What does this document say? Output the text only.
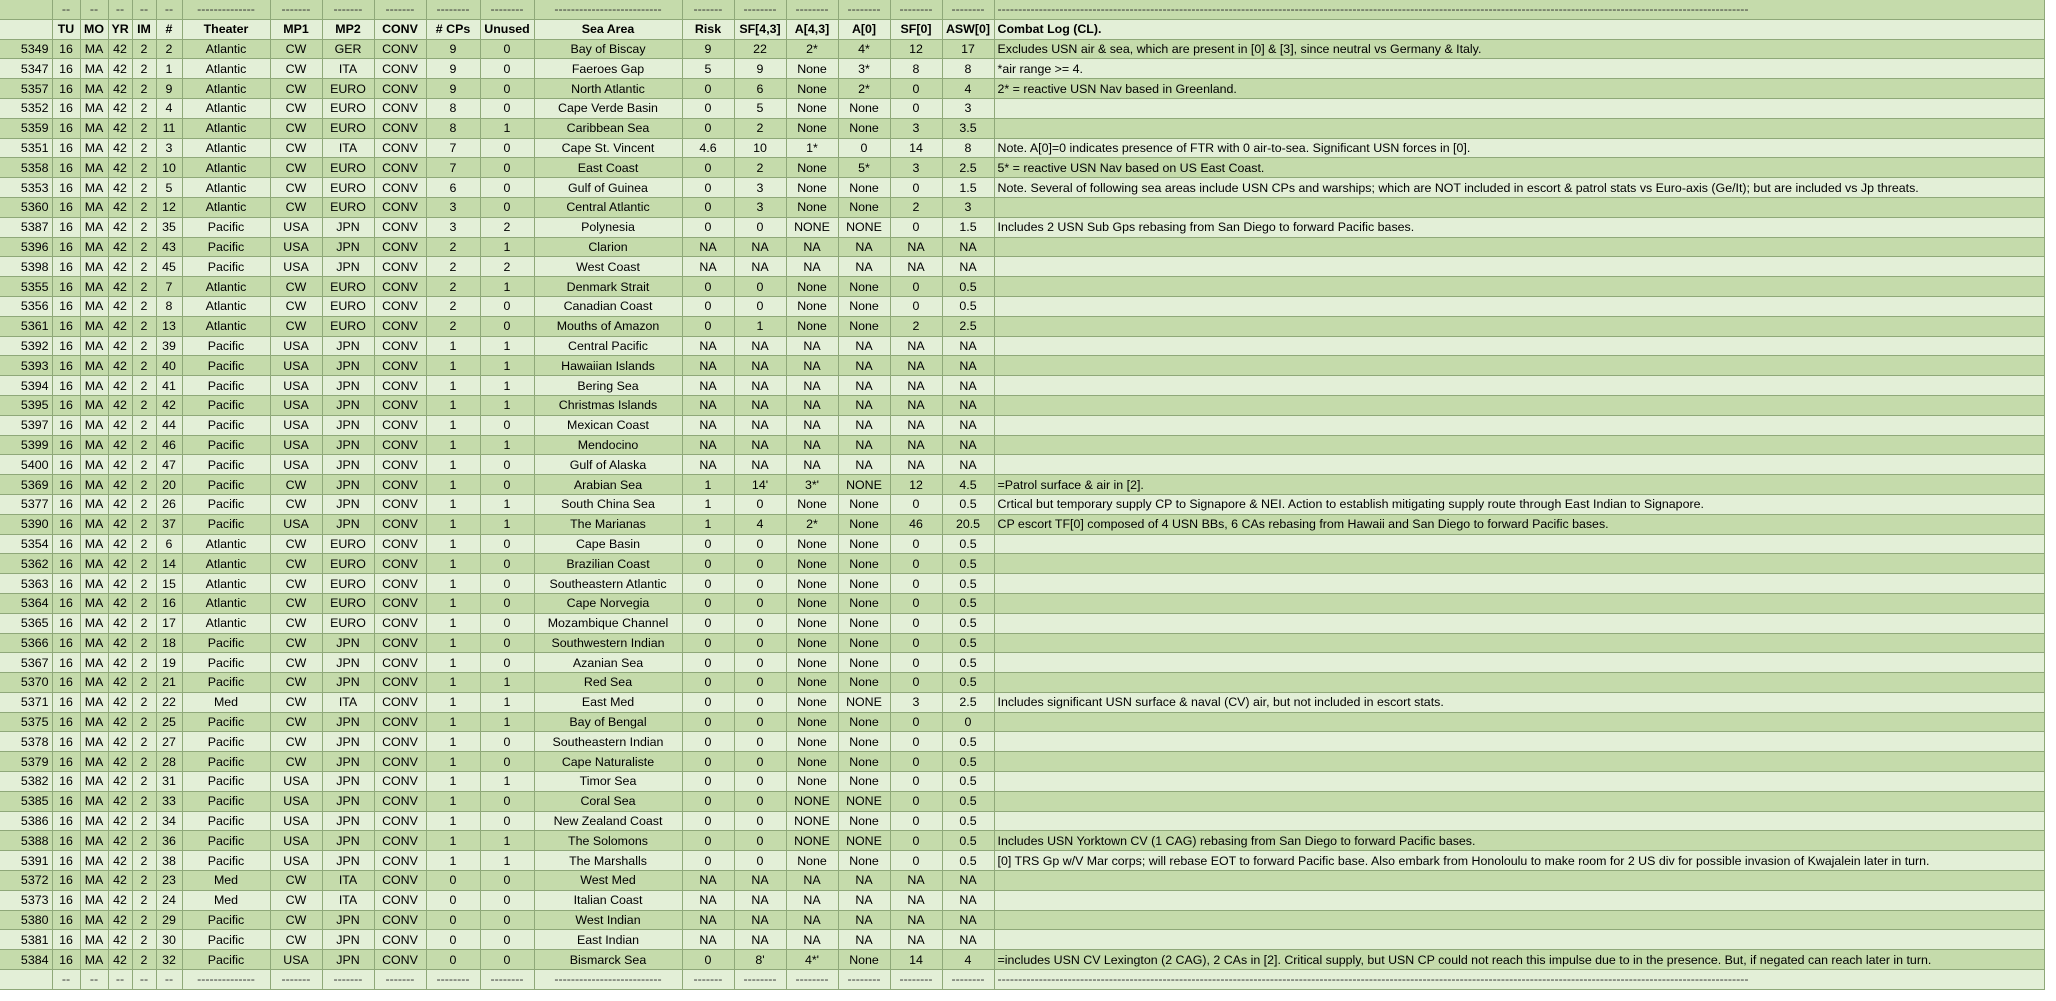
	--	--	--	--	--	--------------	-------	-------	-------	--------	--------	--------------------------	-------	--------	--------	--------	--------	--------	--------------------------------------------------------------------------------------------------------------------------------------------------------------------------------------
	TU	MO	YR	IM	#	Theater	MP1	MP2	CONV	# CPs	Unused	Sea Area	Risk	SF[4,3]	A[4,3]	A[0]	SF[0]	ASW[0]	Combat Log (CL).
5349	16	MA	42	2	2	Atlantic	CW	GER	CONV	9	0	Bay of Biscay	9	22	2*	4*	12	17	Excludes USN air & sea, which are present in [0] & [3], since neutral vs Germany & Italy.
5347	16	MA	42	2	1	Atlantic	CW	ITA	CONV	9	0	Faeroes Gap	5	9	None	3*	8	8	*air range >= 4.
5357	16	MA	42	2	9	Atlantic	CW	EURO	CONV	9	0	North Atlantic	0	6	None	2*	0	4	2* = reactive USN Nav based in Greenland.
5352	16	MA	42	2	4	Atlantic	CW	EURO	CONV	8	0	Cape Verde Basin	0	5	None	None	0	3	
5359	16	MA	42	2	11	Atlantic	CW	EURO	CONV	8	1	Caribbean Sea	0	2	None	None	3	3.5	
5351	16	MA	42	2	3	Atlantic	CW	ITA	CONV	7	0	Cape St. Vincent	4.6	10	1*	0	14	8	Note. A[0]=0 indicates presence of FTR with 0 air-to-sea. Significant USN forces in [0].
5358	16	MA	42	2	10	Atlantic	CW	EURO	CONV	7	0	East Coast	0	2	None	5*	3	2.5	5* = reactive USN Nav based on US East Coast.
5353	16	MA	42	2	5	Atlantic	CW	EURO	CONV	6	0	Gulf of Guinea	0	3	None	None	0	1.5	Note. Several of following sea areas include USN CPs and warships; which are NOT included in escort & patrol stats vs Euro-axis (Ge/It); but are included vs Jp threats.
5360	16	MA	42	2	12	Atlantic	CW	EURO	CONV	3	0	Central Atlantic	0	3	None	None	2	3	
5387	16	MA	42	2	35	Pacific	USA	JPN	CONV	3	2	Polynesia	0	0	NONE	NONE	0	1.5	Includes 2 USN Sub Gps rebasing from San Diego to forward Pacific bases.
5396	16	MA	42	2	43	Pacific	USA	JPN	CONV	2	1	Clarion	NA	NA	NA	NA	NA	NA	
5398	16	MA	42	2	45	Pacific	USA	JPN	CONV	2	2	West Coast	NA	NA	NA	NA	NA	NA	
5355	16	MA	42	2	7	Atlantic	CW	EURO	CONV	2	1	Denmark Strait	0	0	None	None	0	0.5	
5356	16	MA	42	2	8	Atlantic	CW	EURO	CONV	2	0	Canadian Coast	0	0	None	None	0	0.5	
5361	16	MA	42	2	13	Atlantic	CW	EURO	CONV	2	0	Mouths of Amazon	0	1	None	None	2	2.5	
5392	16	MA	42	2	39	Pacific	USA	JPN	CONV	1	1	Central Pacific	NA	NA	NA	NA	NA	NA	
5393	16	MA	42	2	40	Pacific	USA	JPN	CONV	1	1	Hawaiian Islands	NA	NA	NA	NA	NA	NA	
5394	16	MA	42	2	41	Pacific	USA	JPN	CONV	1	1	Bering Sea	NA	NA	NA	NA	NA	NA	
5395	16	MA	42	2	42	Pacific	USA	JPN	CONV	1	1	Christmas Islands	NA	NA	NA	NA	NA	NA	
5397	16	MA	42	2	44	Pacific	USA	JPN	CONV	1	0	Mexican Coast	NA	NA	NA	NA	NA	NA	
5399	16	MA	42	2	46	Pacific	USA	JPN	CONV	1	1	Mendocino	NA	NA	NA	NA	NA	NA	
5400	16	MA	42	2	47	Pacific	USA	JPN	CONV	1	0	Gulf of Alaska	NA	NA	NA	NA	NA	NA	
5369	16	MA	42	2	20	Pacific	CW	JPN	CONV	1	0	Arabian Sea	1	14'	3*'	NONE	12	4.5	=Patrol surface & air in [2].
5377	16	MA	42	2	26	Pacific	CW	JPN	CONV	1	1	South China Sea	1	0	None	None	0	0.5	Crtical but temporary supply CP to Signapore & NEI. Action to establish mitigating supply route through East Indian to Signapore.
5390	16	MA	42	2	37	Pacific	USA	JPN	CONV	1	1	The Marianas	1	4	2*	None	46	20.5	CP escort TF[0] composed of 4 USN BBs, 6 CAs rebasing from Hawaii and San Diego to forward Pacific bases.
5354	16	MA	42	2	6	Atlantic	CW	EURO	CONV	1	0	Cape Basin	0	0	None	None	0	0.5	
5362	16	MA	42	2	14	Atlantic	CW	EURO	CONV	1	0	Brazilian Coast	0	0	None	None	0	0.5	
5363	16	MA	42	2	15	Atlantic	CW	EURO	CONV	1	0	Southeastern Atlantic	0	0	None	None	0	0.5	
5364	16	MA	42	2	16	Atlantic	CW	EURO	CONV	1	0	Cape Norvegia	0	0	None	None	0	0.5	
5365	16	MA	42	2	17	Atlantic	CW	EURO	CONV	1	0	Mozambique Channel	0	0	None	None	0	0.5	
5366	16	MA	42	2	18	Pacific	CW	JPN	CONV	1	0	Southwestern Indian	0	0	None	None	0	0.5	
5367	16	MA	42	2	19	Pacific	CW	JPN	CONV	1	0	Azanian Sea	0	0	None	None	0	0.5	
5370	16	MA	42	2	21	Pacific	CW	JPN	CONV	1	1	Red Sea	0	0	None	None	0	0.5	
5371	16	MA	42	2	22	Med	CW	ITA	CONV	1	1	East Med	0	0	None	NONE	3	2.5	Includes significant USN surface & naval (CV) air, but not included in escort stats.
5375	16	MA	42	2	25	Pacific	CW	JPN	CONV	1	1	Bay of Bengal	0	0	None	None	0	0	
5378	16	MA	42	2	27	Pacific	CW	JPN	CONV	1	0	Southeastern Indian	0	0	None	None	0	0.5	
5379	16	MA	42	2	28	Pacific	CW	JPN	CONV	1	0	Cape Naturaliste	0	0	None	None	0	0.5	
5382	16	MA	42	2	31	Pacific	USA	JPN	CONV	1	1	Timor Sea	0	0	None	None	0	0.5	
5385	16	MA	42	2	33	Pacific	USA	JPN	CONV	1	0	Coral Sea	0	0	NONE	NONE	0	0.5	
5386	16	MA	42	2	34	Pacific	USA	JPN	CONV	1	0	New Zealand Coast	0	0	NONE	None	0	0.5	
5388	16	MA	42	2	36	Pacific	USA	JPN	CONV	1	1	The Solomons	0	0	NONE	NONE	0	0.5	Includes USN Yorktown CV (1 CAG) rebasing from San Diego to forward Pacific bases.
5391	16	MA	42	2	38	Pacific	USA	JPN	CONV	1	1	The Marshalls	0	0	None	None	0	0.5	[0] TRS Gp w/V Mar corps; will rebase EOT to forward Pacific base. Also embark from Honoloulu to make room for 2 US div for possible invasion of Kwajalein later in turn.
5372	16	MA	42	2	23	Med	CW	ITA	CONV	0	0	West Med	NA	NA	NA	NA	NA	NA	
5373	16	MA	42	2	24	Med	CW	ITA	CONV	0	0	Italian Coast	NA	NA	NA	NA	NA	NA	
5380	16	MA	42	2	29	Pacific	CW	JPN	CONV	0	0	West Indian	NA	NA	NA	NA	NA	NA	
5381	16	MA	42	2	30	Pacific	CW	JPN	CONV	0	0	East Indian	NA	NA	NA	NA	NA	NA	
5384	16	MA	42	2	32	Pacific	USA	JPN	CONV	0	0	Bismarck Sea	0	8'	4*'	None	14	4	=includes USN CV Lexington (2 CAG), 2 CAs in [2]. Critical supply, but USN CP could not reach this impulse due to in the presence. But, if negated can reach later in turn.
	--	--	--	--	--	--------------	-------	-------	-------	--------	--------	--------------------------	-------	--------	--------	--------	--------	--------	--------------------------------------------------------------------------------------------------------------------------------------------------------------------------------------
